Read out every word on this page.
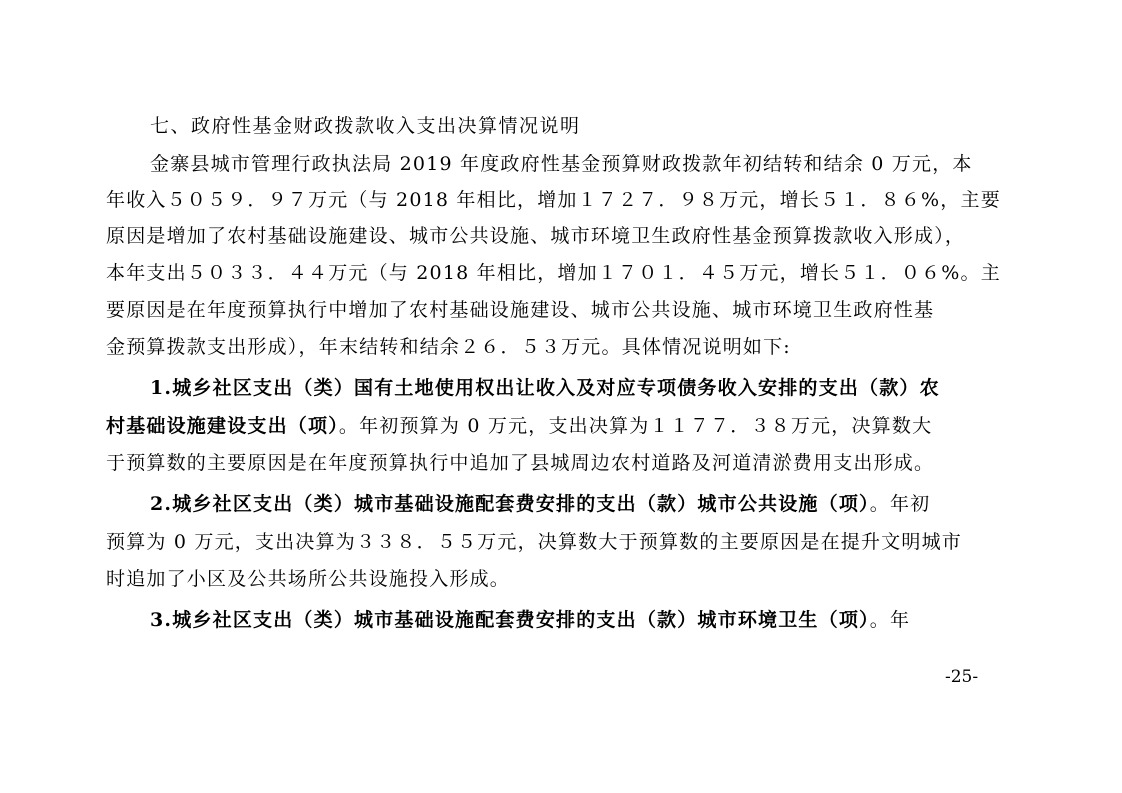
七、政府性基金财政拨款收入支出决算情况说明
金寨县城市管理行政执法局 2019 年度政府性基金预算财政拨款年初结转和结余 0 万元，本
年收入５０５９．９７万元（与 2018 年相比，增加１７２７．９８万元，增长５１．８６%，主要
原因是增加了农村基础设施建设、城市公共设施、城市环境卫生政府性基金预算拨款收入形成），
本年支出５０３３．４４万元（与 2018 年相比，增加１７０１．４５万元，增长５１．０６%。主
要原因是在年度预算执行中增加了农村基础设施建设、城市公共设施、城市环境卫生政府性基
金预算拨款支出形成），年末结转和结余２６．５３万元。具体情况说明如下:
1.城乡社区支出（类）国有土地使用权出让收入及对应专项债务收入安排的支出（款）农
村基础设施建设支出（项）。年初预算为 0 万元，支出决算为１１７７．３８万元，决算数大
于预算数的主要原因是在年度预算执行中追加了县城周边农村道路及河道清淤费用支出形成。
2.城乡社区支出（类）城市基础设施配套费安排的支出（款）城市公共设施（项）。年初
预算为 0 万元，支出决算为３３８．５５万元，决算数大于预算数的主要原因是在提升文明城市
时追加了小区及公共场所公共设施投入形成。
3.城乡社区支出（类）城市基础设施配套费安排的支出（款）城市环境卫生（项）。年
-25-
